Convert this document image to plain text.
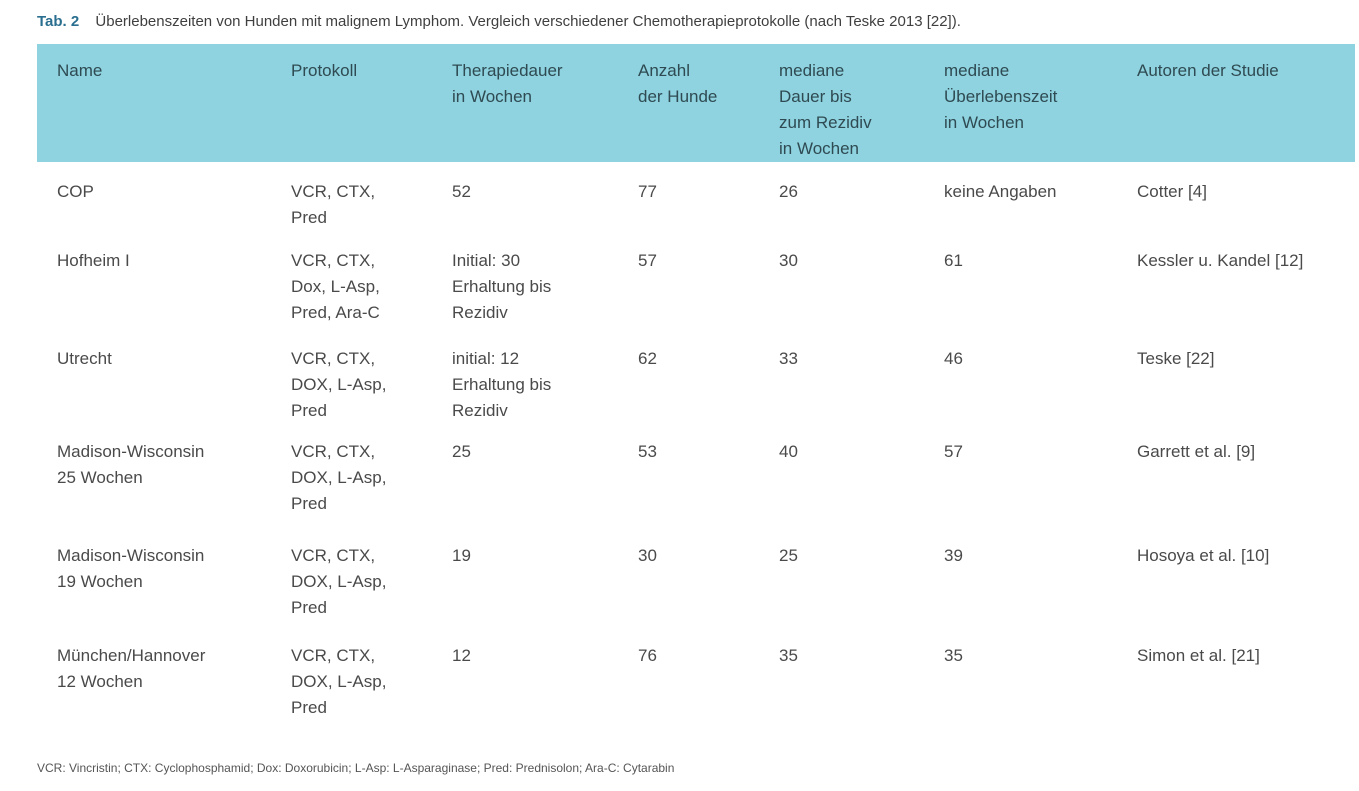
Tab. 2 Überlebenszeiten von Hunden mit malignem Lymphom. Vergleich verschiedener Chemotherapieprotokolle (nach Teske 2013 [22]).
Name	Protokoll	Therapiedauer
in Wochen	Anzahl
der Hunde	mediane
Dauer bis
zum Rezidiv
in Wochen	mediane
Überlebenszeit
in Wochen	Autoren der Studie

COP	VCR, CTX,
Pred	52	77	26	keine Angaben	Cotter [4]

Hofheim I	VCR, CTX,
Dox, L-Asp,
Pred, Ara-C	Initial: 30
Erhaltung bis
Rezidiv	57	30	61	Kessler u. Kandel [12]

Utrecht	VCR, CTX,
DOX, L-Asp,
Pred	initial: 12
Erhaltung bis
Rezidiv	62	33	46	Teske [22]

Madison-Wisconsin
25 Wochen	VCR, CTX,
DOX, L-Asp,
Pred	25	53	40	57	Garrett et al. [9]

Madison-Wisconsin
19 Wochen	VCR, CTX,
DOX, L-Asp,
Pred	19	30	25	39	Hosoya et al. [10]

München/Hannover
12 Wochen	VCR, CTX,
DOX, L-Asp,
Pred	12	76	35	35	Simon et al. [21]
VCR: Vincristin; CTX: Cyclophosphamid; Dox: Doxorubicin; L-Asp: L-Asparaginase; Pred: Prednisolon; Ara-C: Cytarabin
